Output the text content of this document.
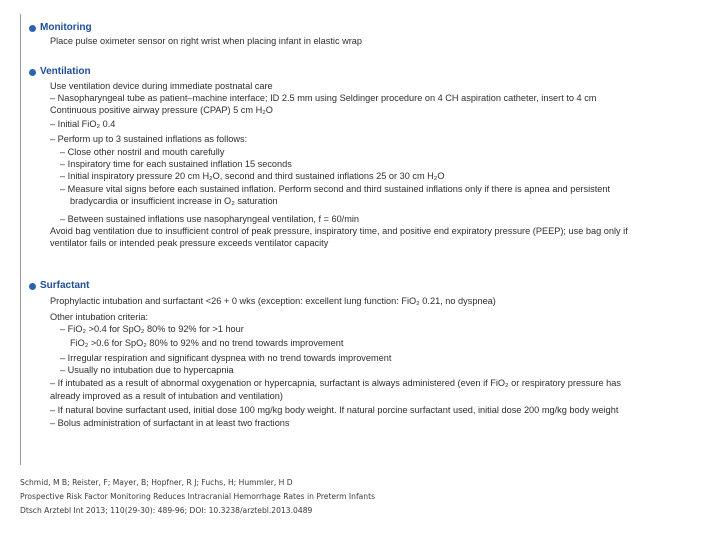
Monitoring
Place pulse oximeter sensor on right wrist when placing infant in elastic wrap
Ventilation
Use ventilation device during immediate postnatal care
– Nasopharyngeal tube as patient–machine interface; ID 2.5 mm using Seldinger procedure on 4 CH aspiration catheter, insert to 4 cm
Continuous positive airway pressure (CPAP) 5 cm H₂O
– Initial FiO₂ 0.4
– Perform up to 3 sustained inflations as follows:
– Close other nostril and mouth carefully
– Inspiratory time for each sustained inflation 15 seconds
– Initial inspiratory pressure 20 cm H₂O, second and third sustained inflations 25 or 30 cm H₂O
– Measure vital signs before each sustained inflation. Perform second and third sustained inflations only if there is apnea and persistent
bradycardia or insufficient increase in O₂ saturation
– Between sustained inflations use nasopharyngeal ventilation, f = 60/min
Avoid bag ventilation due to insufficient control of peak pressure, inspiratory time, and positive end expiratory pressure (PEEP); use bag only if
ventilator fails or intended peak pressure exceeds ventilator capacity
Surfactant
Prophylactic intubation and surfactant <26 + 0 wks (exception: excellent lung function: FiO₂ 0.21, no dyspnea)
Other intubation criteria:
– FiO₂ >0.4 for SpO₂ 80% to 92% for >1 hour
FiO₂ >0.6 for SpO₂ 80% to 92% and no trend towards improvement
– Irregular respiration and significant dyspnea with no trend towards improvement
– Usually no intubation due to hypercapnia
– If intubated as a result of abnormal oxygenation or hypercapnia, surfactant is always administered (even if FiO₂ or respiratory pressure has
already improved as a result of intubation and ventilation)
– If natural bovine surfactant used, initial dose 100 mg/kg body weight. If natural porcine surfactant used, initial dose 200 mg/kg body weight
– Bolus administration of surfactant in at least two fractions
Schmid, M B; Reister, F; Mayer, B; Hopfner, R J; Fuchs, H; Hummler, H D
Prospective Risk Factor Monitoring Reduces Intracranial Hemorrhage Rates in Preterm Infants
Dtsch Arztebl Int 2013; 110(29-30): 489-96; DOI: 10.3238/arztebl.2013.0489
